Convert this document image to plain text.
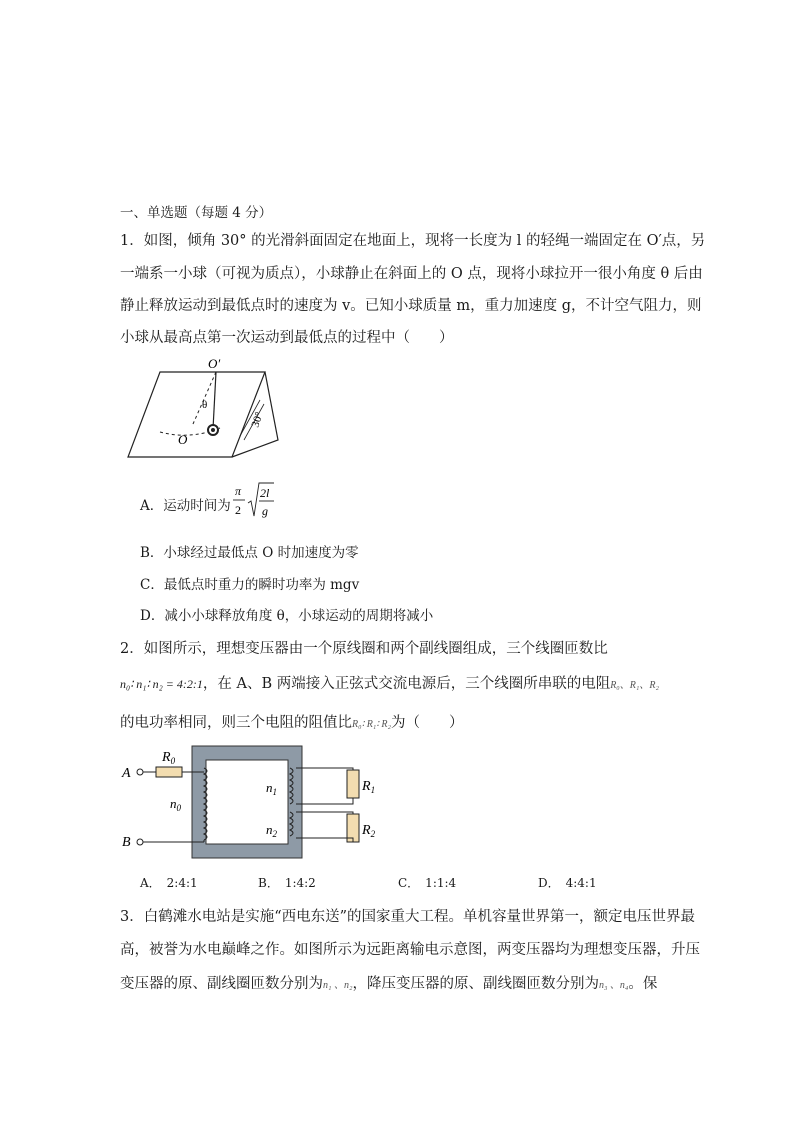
一、单选题（每题 4 分）
1．如图，倾角 30° 的光滑斜面固定在地面上，现将一长度为 l 的轻绳一端固定在 O′点，另
一端系一小球（可视为质点），小球静止在斜面上的 O 点，现将小球拉开一很小角度 θ 后由
静止释放运动到最低点时的速度为 v。已知小球质量 m，重力加速度 g，不计空气阻力，则
小球从最高点第一次运动到最低点的过程中（　　）
O′
θ
O
30°
A．运动时间为
π
2
2l
g
B．小球经过最低点 O 时加速度为零
C．最低点时重力的瞬时功率为 mgv
D．减小小球释放角度 θ，小球运动的周期将减小
2．如图所示，理想变压器由一个原线圈和两个副线圈组成，三个线圈匝数比
n₀∶ n₁∶ n₂ = 4:2:1，在 A、B 两端接入正弦式交流电源后，三个线圈所串联的电阻R₀、R₁、R₂
的电功率相同，则三个电阻的阻值比R₀∶ R₁∶ R₂为（　　）
A
B
$R_0$
$n_0$
$n_1$
$n_2$
$R_1$
$R_2$
A．　2:4:1	B．　1:4:2	C．　1:1:4	D．　4:4:1
3．白鹤滩水电站是实施“西电东送”的国家重大工程。单机容量世界第一，额定电压世界最
高，被誉为水电巅峰之作。如图所示为远距离输电示意图，两变压器均为理想变压器，升压
变压器的原、副线圈匝数分别为n₁ 、n₂，降压变压器的原、副线圈匝数分别为n₃ 、n₄。保
